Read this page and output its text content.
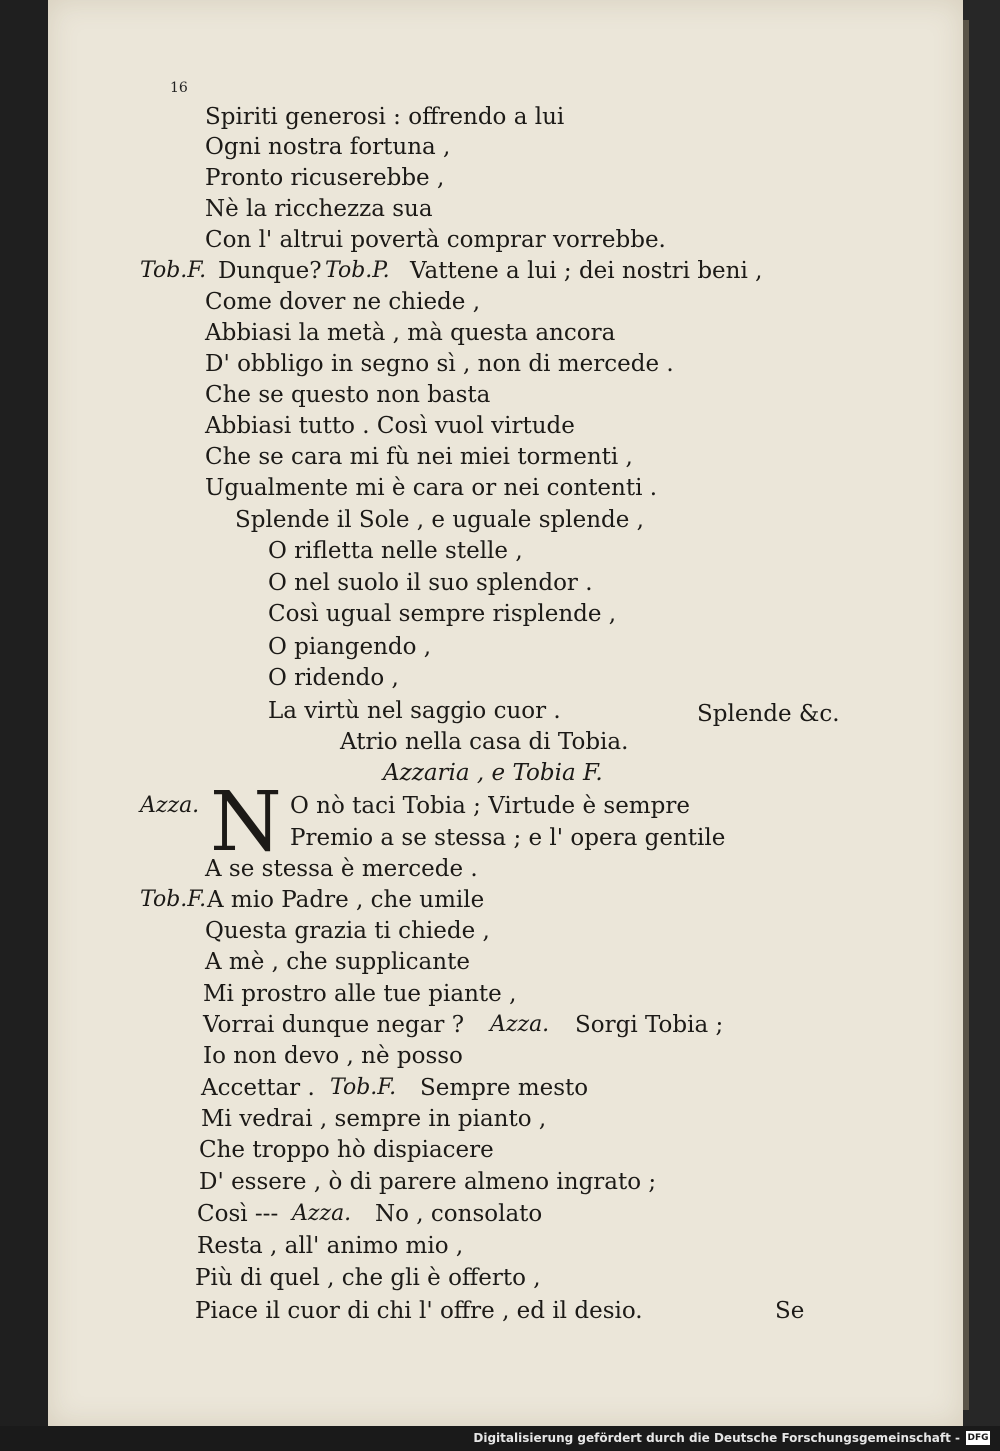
16
Spiriti generosi : offrendo a lui
Ogni nostra fortuna ,
Pronto ricuserebbe ,
Nè la ricchezza sua
Con l' altrui povertà comprar vorrebbe.
Tob.F. Dunque? Tob.P. Vattene a lui ; dei nostri beni ,
Come dover ne chiede ,
Abbiasi la metà , mà questa ancora
D' obbligo in segno sì , non di mercede .
Che se questo non basta
Abbiasi tutto . Così vuol virtude
Che se cara mi fù nei miei tormenti ,
Ugualmente mi è cara or nei contenti .
Splende il Sole , e uguale splende ,
O rifletta nelle stelle ,
O nel suolo il suo splendor .
Così ugual sempre risplende ,
O piangendo ,
O ridendo ,
La virtù nel saggio cuor .	Splende &c.
Atrio nella casa di Tobia.
Azzaria , e Tobia F.
Azza. N O nò taci Tobia ; Virtude è sempre
Premio a se stessa ; e l' opera gentile
A se stessa è mercede .
Tob.F. A mio Padre , che umile
Questa grazia ti chiede ,
A mè , che supplicante
Mi prostro alle tue piante ,
Vorrai dunque negar ? Azza. Sorgi Tobia ;
Io non devo , nè posso
Accettar . Tob.F. Sempre mesto
Mi vedrai , sempre in pianto ,
Che troppo hò dispiacere
D' essere , ò di parere almeno ingrato ;
Così --- Azza. No , consolato
Resta , all' animo mio ,
Più di quel , che gli è offerto ,
Piace il cuor di chi l' offre , ed il desio.	Se
Digitalisierung gefördert durch die Deutsche Forschungsgemeinschaft - DFG
